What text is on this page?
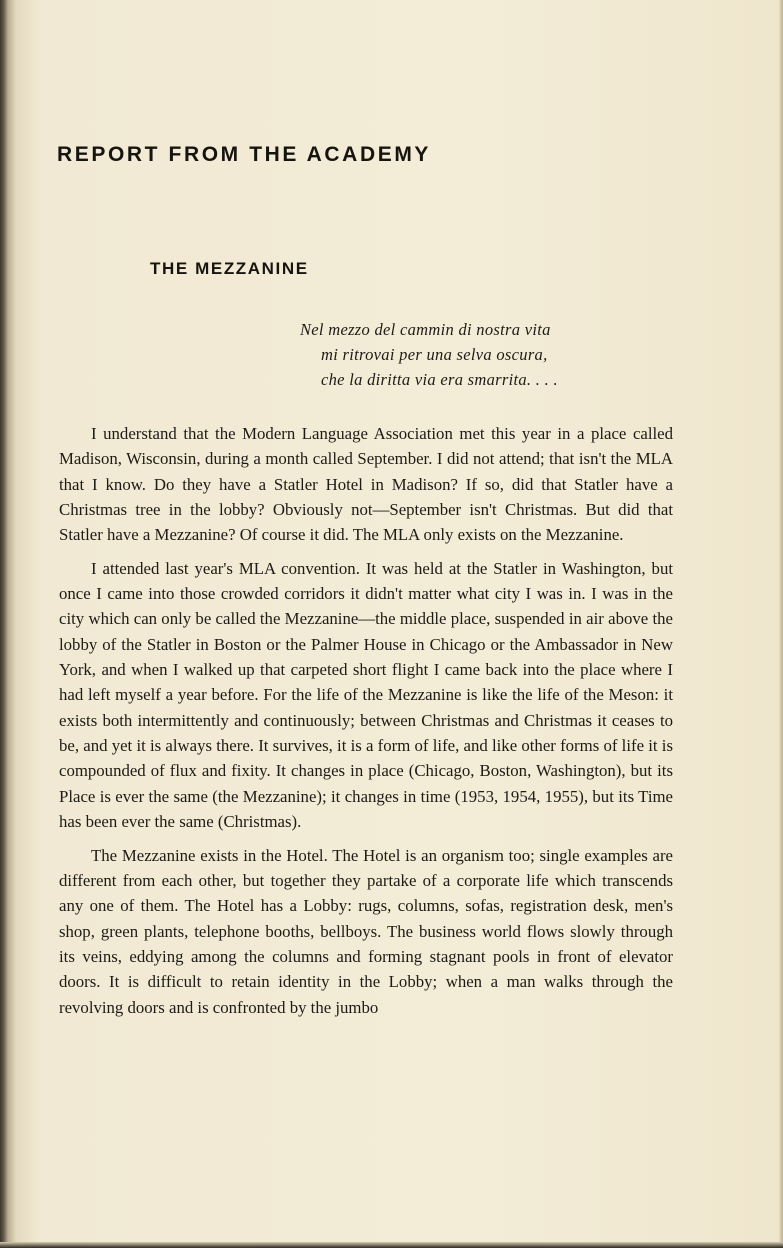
REPORT FROM THE ACADEMY
THE MEZZANINE
Nel mezzo del cammin di nostra vita
mi ritrovai per una selva oscura,
che la diritta via era smarrita. . . .

I understand that the Modern Language Association met this year in a place called Madison, Wisconsin, during a month called September. I did not attend; that isn't the MLA that I know. Do they have a Statler Hotel in Madison? If so, did that Statler have a Christmas tree in the lobby? Obviously not—September isn't Christmas. But did that Statler have a Mezzanine? Of course it did. The MLA only exists on the Mezzanine.

I attended last year's MLA convention. It was held at the Statler in Washington, but once I came into those crowded corridors it didn't matter what city I was in. I was in the city which can only be called the Mezzanine—the middle place, suspended in air above the lobby of the Statler in Boston or the Palmer House in Chicago or the Ambassador in New York, and when I walked up that carpeted short flight I came back into the place where I had left myself a year before. For the life of the Mezzanine is like the life of the Meson: it exists both intermittently and continuously; between Christmas and Christmas it ceases to be, and yet it is always there. It survives, it is a form of life, and like other forms of life it is compounded of flux and fixity. It changes in place (Chicago, Boston, Washington), but its Place is ever the same (the Mezzanine); it changes in time (1953, 1954, 1955), but its Time has been ever the same (Christmas).

The Mezzanine exists in the Hotel. The Hotel is an organism too; single examples are different from each other, but together they partake of a corporate life which transcends any one of them. The Hotel has a Lobby: rugs, columns, sofas, registration desk, men's shop, green plants, telephone booths, bellboys. The business world flows slowly through its veins, eddying among the columns and forming stagnant pools in front of elevator doors. It is difficult to retain identity in the Lobby; when a man walks through the revolving doors and is confronted by the jumbo
